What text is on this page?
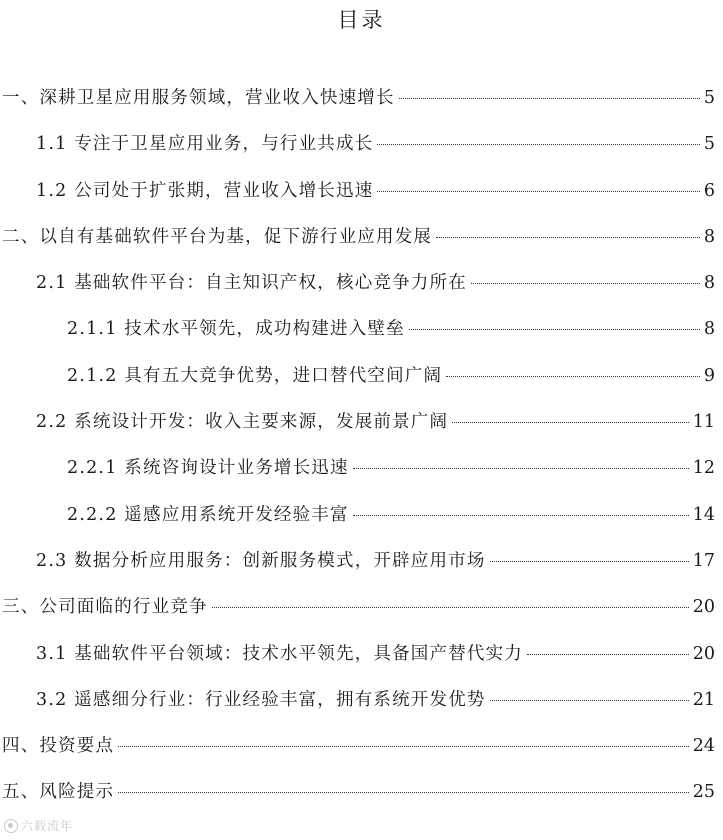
目录
一、深耕卫星应用服务领域，营业收入快速增长	5
1.1 专注于卫星应用业务，与行业共成长	5
1.2 公司处于扩张期，营业收入增长迅速	6
二、以自有基础软件平台为基，促下游行业应用发展	8
2.1 基础软件平台：自主知识产权，核心竞争力所在	8
2.1.1 技术水平领先，成功构建进入壁垒	8
2.1.2 具有五大竞争优势，进口替代空间广阔	9
2.2 系统设计开发：收入主要来源，发展前景广阔	11
2.2.1 系统咨询设计业务增长迅速	12
2.2.2 遥感应用系统开发经验丰富	14
2.3 数据分析应用服务：创新服务模式，开辟应用市场	17
三、公司面临的行业竞争	20
3.1 基础软件平台领域：技术水平领先，具备国产替代实力	20
3.2 遥感细分行业：行业经验丰富，拥有系统开发优势	21
四、投资要点	24
五、风险提示	25
六载流年
